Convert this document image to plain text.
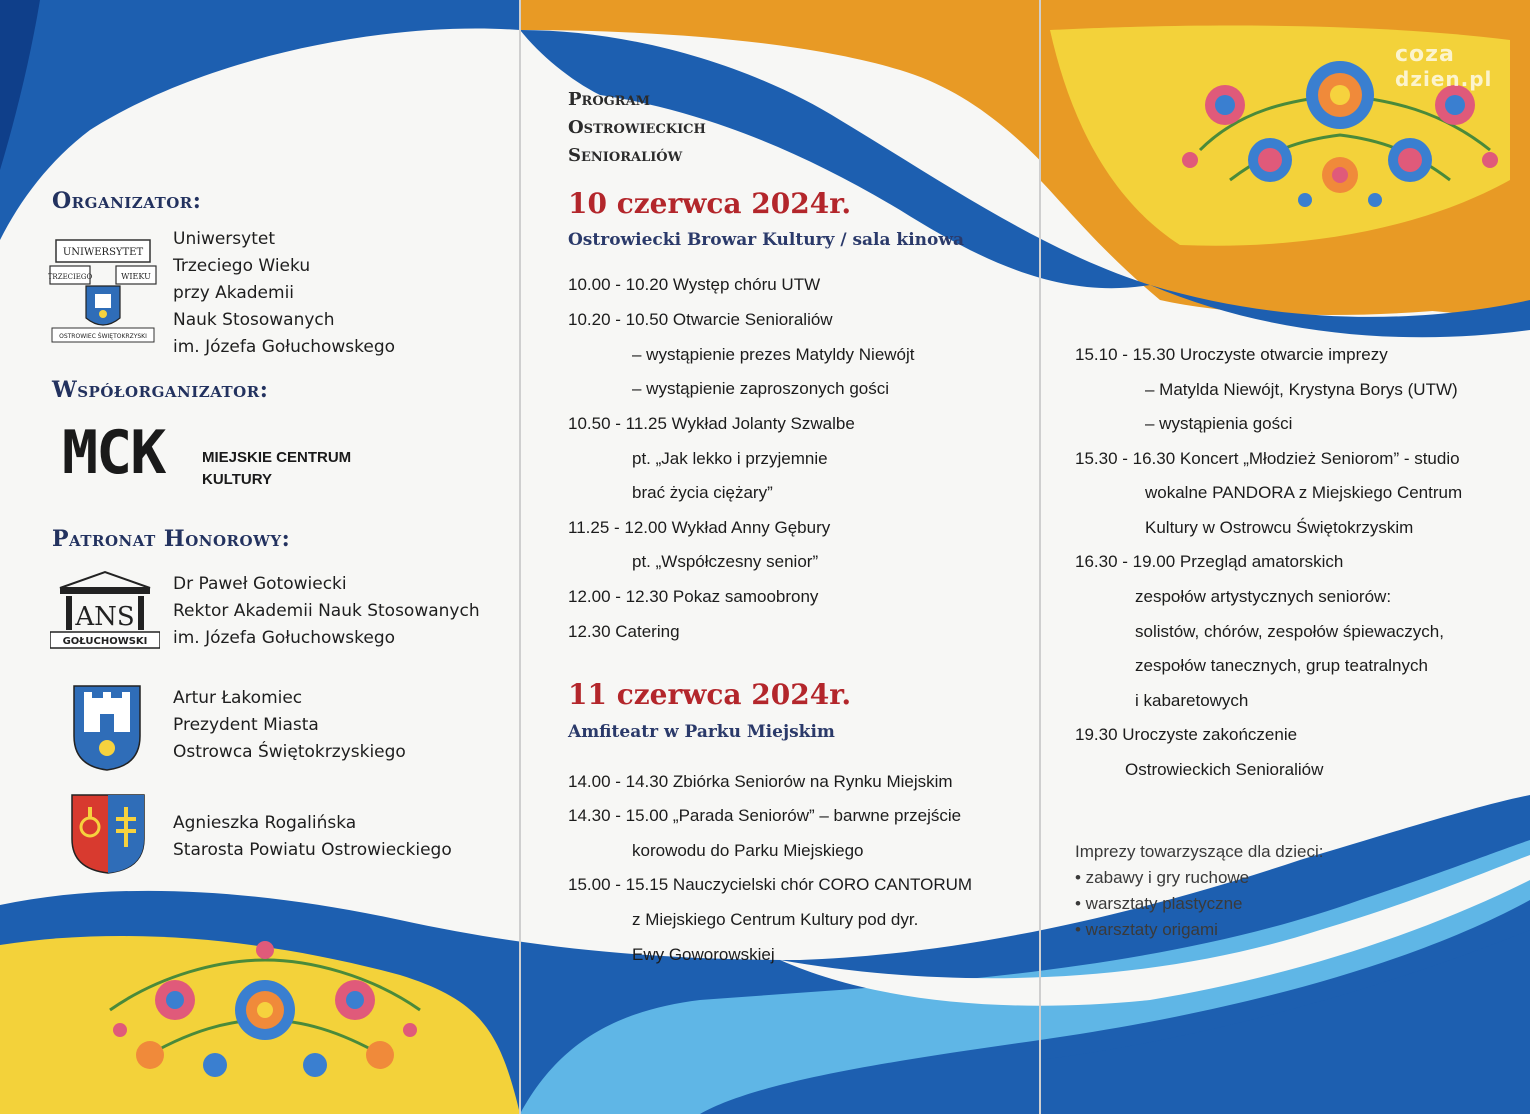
coza
dzien.pl
Organizator:
UNIWERSYTET
TRZECIEGO	WIEKU
OSTROWIEC ŚWIĘTOKRZYSKI
Uniwersytet
Trzeciego Wieku
przy Akademii
Nauk Stosowanych
im. Józefa Gołuchowskego
Współorganizator:
MCK	MIEJSKIE CENTRUM
KULTURY
Patronat Honorowy:
ANS
GOŁUCHOWSKI
Dr Paweł Gotowiecki
Rektor Akademii Nauk Stosowanych
im. Józefa Gołuchowskego
Artur Łakomiec
Prezydent Miasta
Ostrowca Świętokrzyskiego
Agnieszka Rogalińska
Starosta Powiatu Ostrowieckiego
Program
Ostrowieckich
Senioraliów
10 czerwca 2024r.
Ostrowiecki Browar Kultury / sala kinowa
10.00 - 10.20 Występ chóru UTW
10.20 - 10.50 Otwarcie Senioraliów
– wystąpienie prezes Matyldy Niewójt
– wystąpienie zaproszonych gości
10.50 - 11.25 Wykład Jolanty Szwalbe
pt. „Jak lekko i przyjemnie
brać życia ciężary”
11.25 - 12.00 Wykład Anny Gębury
pt. „Współczesny senior”
12.00 - 12.30 Pokaz samoobrony
12.30 Catering
11 czerwca 2024r.
Amfiteatr w Parku Miejskim
14.00 - 14.30 Zbiórka Seniorów na Rynku Miejskim
14.30 - 15.00 „Parada Seniorów” – barwne przejście
korowodu do Parku Miejskiego
15.00 - 15.15 Nauczycielski chór CORO CANTORUM
z Miejskiego Centrum Kultury pod dyr.
Ewy Goworowskiej
15.10 - 15.30 Uroczyste otwarcie imprezy
– Matylda Niewójt, Krystyna Borys (UTW)
– wystąpienia gości
15.30 - 16.30 Koncert „Młodzież Seniorom” - studio
wokalne PANDORA z Miejskiego Centrum
Kultury w Ostrowcu Świętokrzyskim
16.30 - 19.00 Przegląd amatorskich
zespołów artystycznych seniorów:
solistów, chórów, zespołów śpiewaczych,
zespołów tanecznych, grup teatralnych
i kabaretowych
19.30 Uroczyste zakończenie
Ostrowieckich Senioraliów
Imprezy towarzyszące dla dzieci:
• zabawy i gry ruchowe
• warsztaty plastyczne
• warsztaty origami
